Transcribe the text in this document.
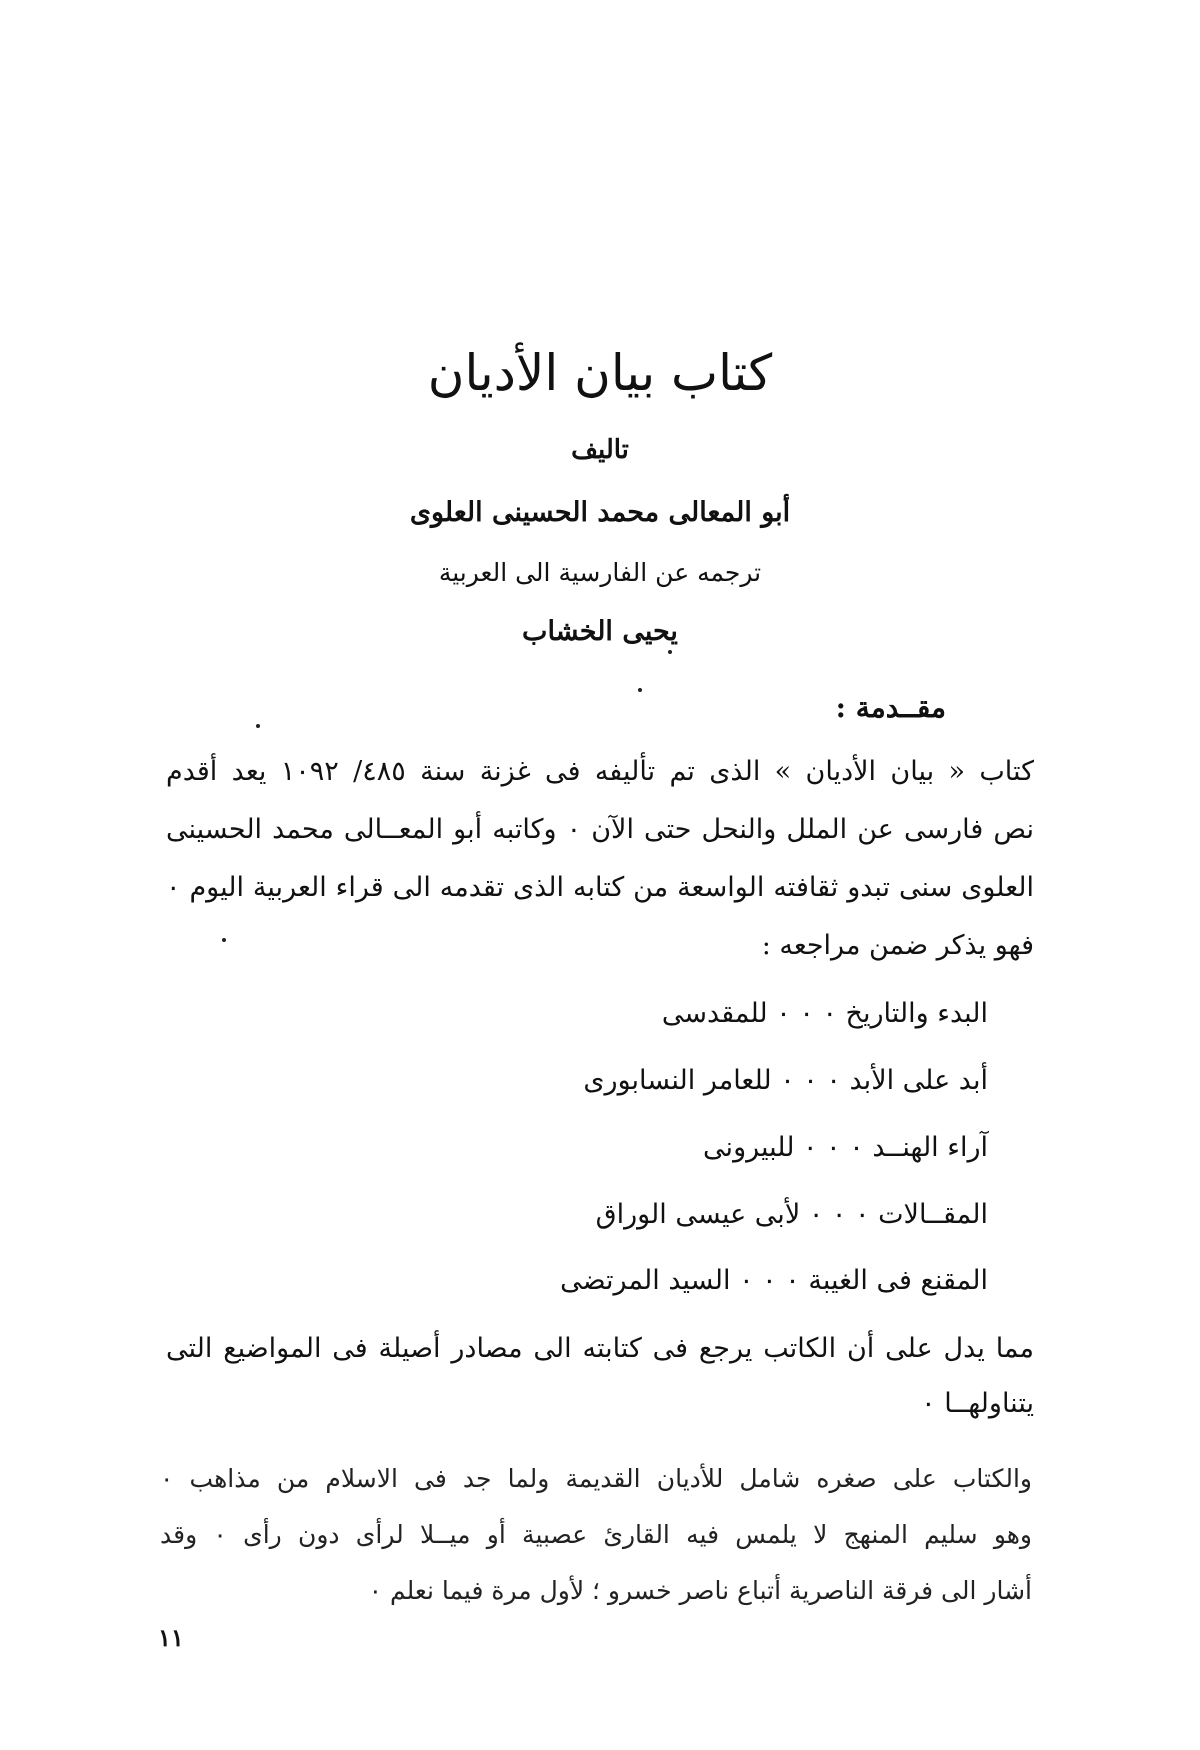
كتاب بيان الأديان
تاليف
أبو المعالى محمد الحسينى العلوى
ترجمه عن الفارسية الى العربية
يحيى الخشاب
مقــدمة :
كتاب « بيان الأديان » الذى تم تأليفه فى غزنة سنة ٤٨٥/ ١٠٩٢ يعد أقدم
نص فارسى عن الملل والنحل حتى الآن ٠ وكاتبه أبو المعــالى محمد الحسينى
العلوى سنى تبدو ثقافته الواسعة من كتابه الذى تقدمه الى قراء العربية اليوم ٠
فهو يذكر ضمن مراجعه :
البدء والتاريخ ٠ ٠ ٠ للمقدسى
أبد على الأبد ٠ ٠ ٠ للعامر النسابورى
آراء الهنــد ٠ ٠ ٠ للبيرونى
المقــالات ٠ ٠ ٠ لأبى عيسى الوراق
المقنع فى الغيبة ٠ ٠ ٠ السيد المرتضى
مما يدل على أن الكاتب يرجع فى كتابته الى مصادر أصيلة فى المواضيع التى
يتناولهــا ٠
والكتاب على صغره شامل للأديان القديمة ولما جد فى الاسلام من مذاهب ٠
وهو سليم المنهج لا يلمس فيه القارئ عصبية أو ميــلا لرأى دون رأى ٠ وقد
أشار الى فرقة الناصرية أتباع ناصر خسرو ؛ لأول مرة فيما نعلم ٠
١١
